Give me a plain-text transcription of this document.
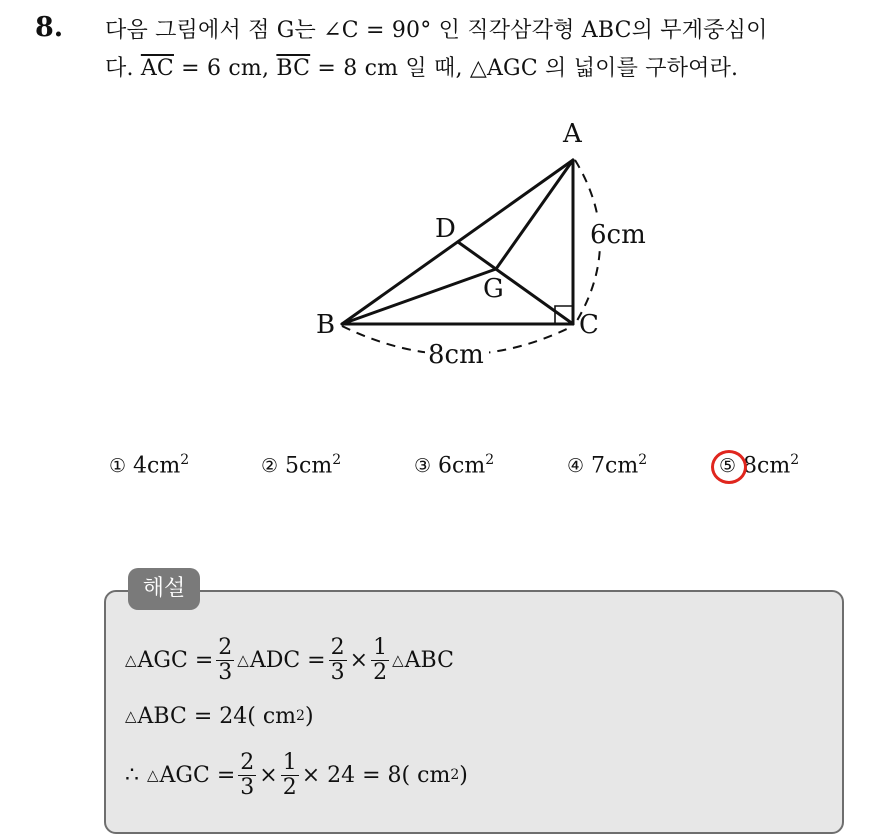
8. 다음 그림에서 점 G는 ∠C = 90° 인 직각삼각형 ABC의 무게중심이
다. $\overline{AC} = 6$ cm, $\overline{BC} = 8$ cm 일 때, △AGC 의 넓이를 구하여라.
A
B	C
D
G
6cm
8cm
① $4cm^2$	② $5cm^2$	③ $6cm^2$	④ $7cm^2$	⑤ $8cm^2$
해설
△ AGC = $\frac{2}{3}$ △ ADC = $\frac{2}{3} \times \frac{1}{2}$ △ ABC
△ ABC = 24( cm 2 )
∴ △ AGC = $\frac{2}{3} \times \frac{1}{2} \times 24 = 8$( cm 2 )
